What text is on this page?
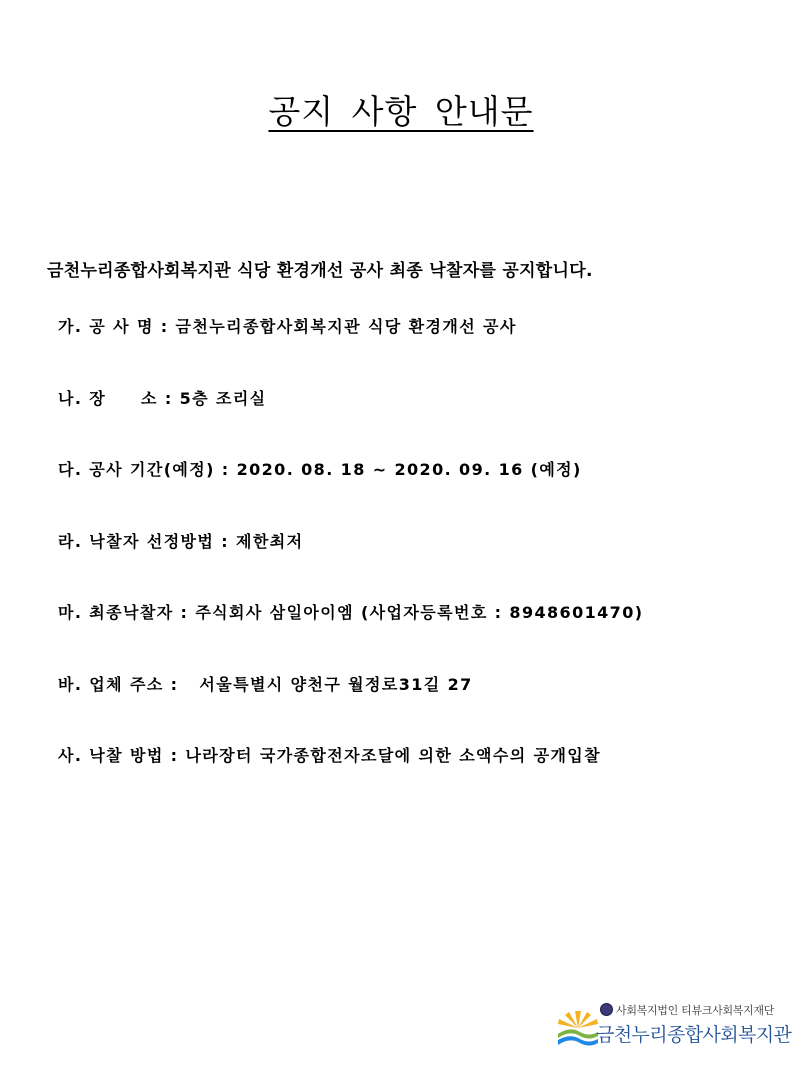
공지 사항 안내문
금천누리종합사회복지관 식당 환경개선 공사 최종 낙찰자를 공지합니다.
가. 공 사 명 : 금천누리종합사회복지관 식당 환경개선 공사
나. 장     소 : 5층 조리실
다. 공사 기간(예정) : 2020. 08. 18 ~ 2020. 09. 16 (예정)
라. 낙찰자 선정방법 : 제한최저
마. 최종낙찰자 : 주식회사 삼일아이엠 (사업자등록번호 : 8948601470)
바. 업체 주소 :   서울특별시 양천구 월정로31길 27
사. 낙찰 방법 : 나라장터 국가종합전자조달에 의한 소액수의 공개입찰
사회복지법인 티뷰크사회복지재단
금천누리종합사회복지관
